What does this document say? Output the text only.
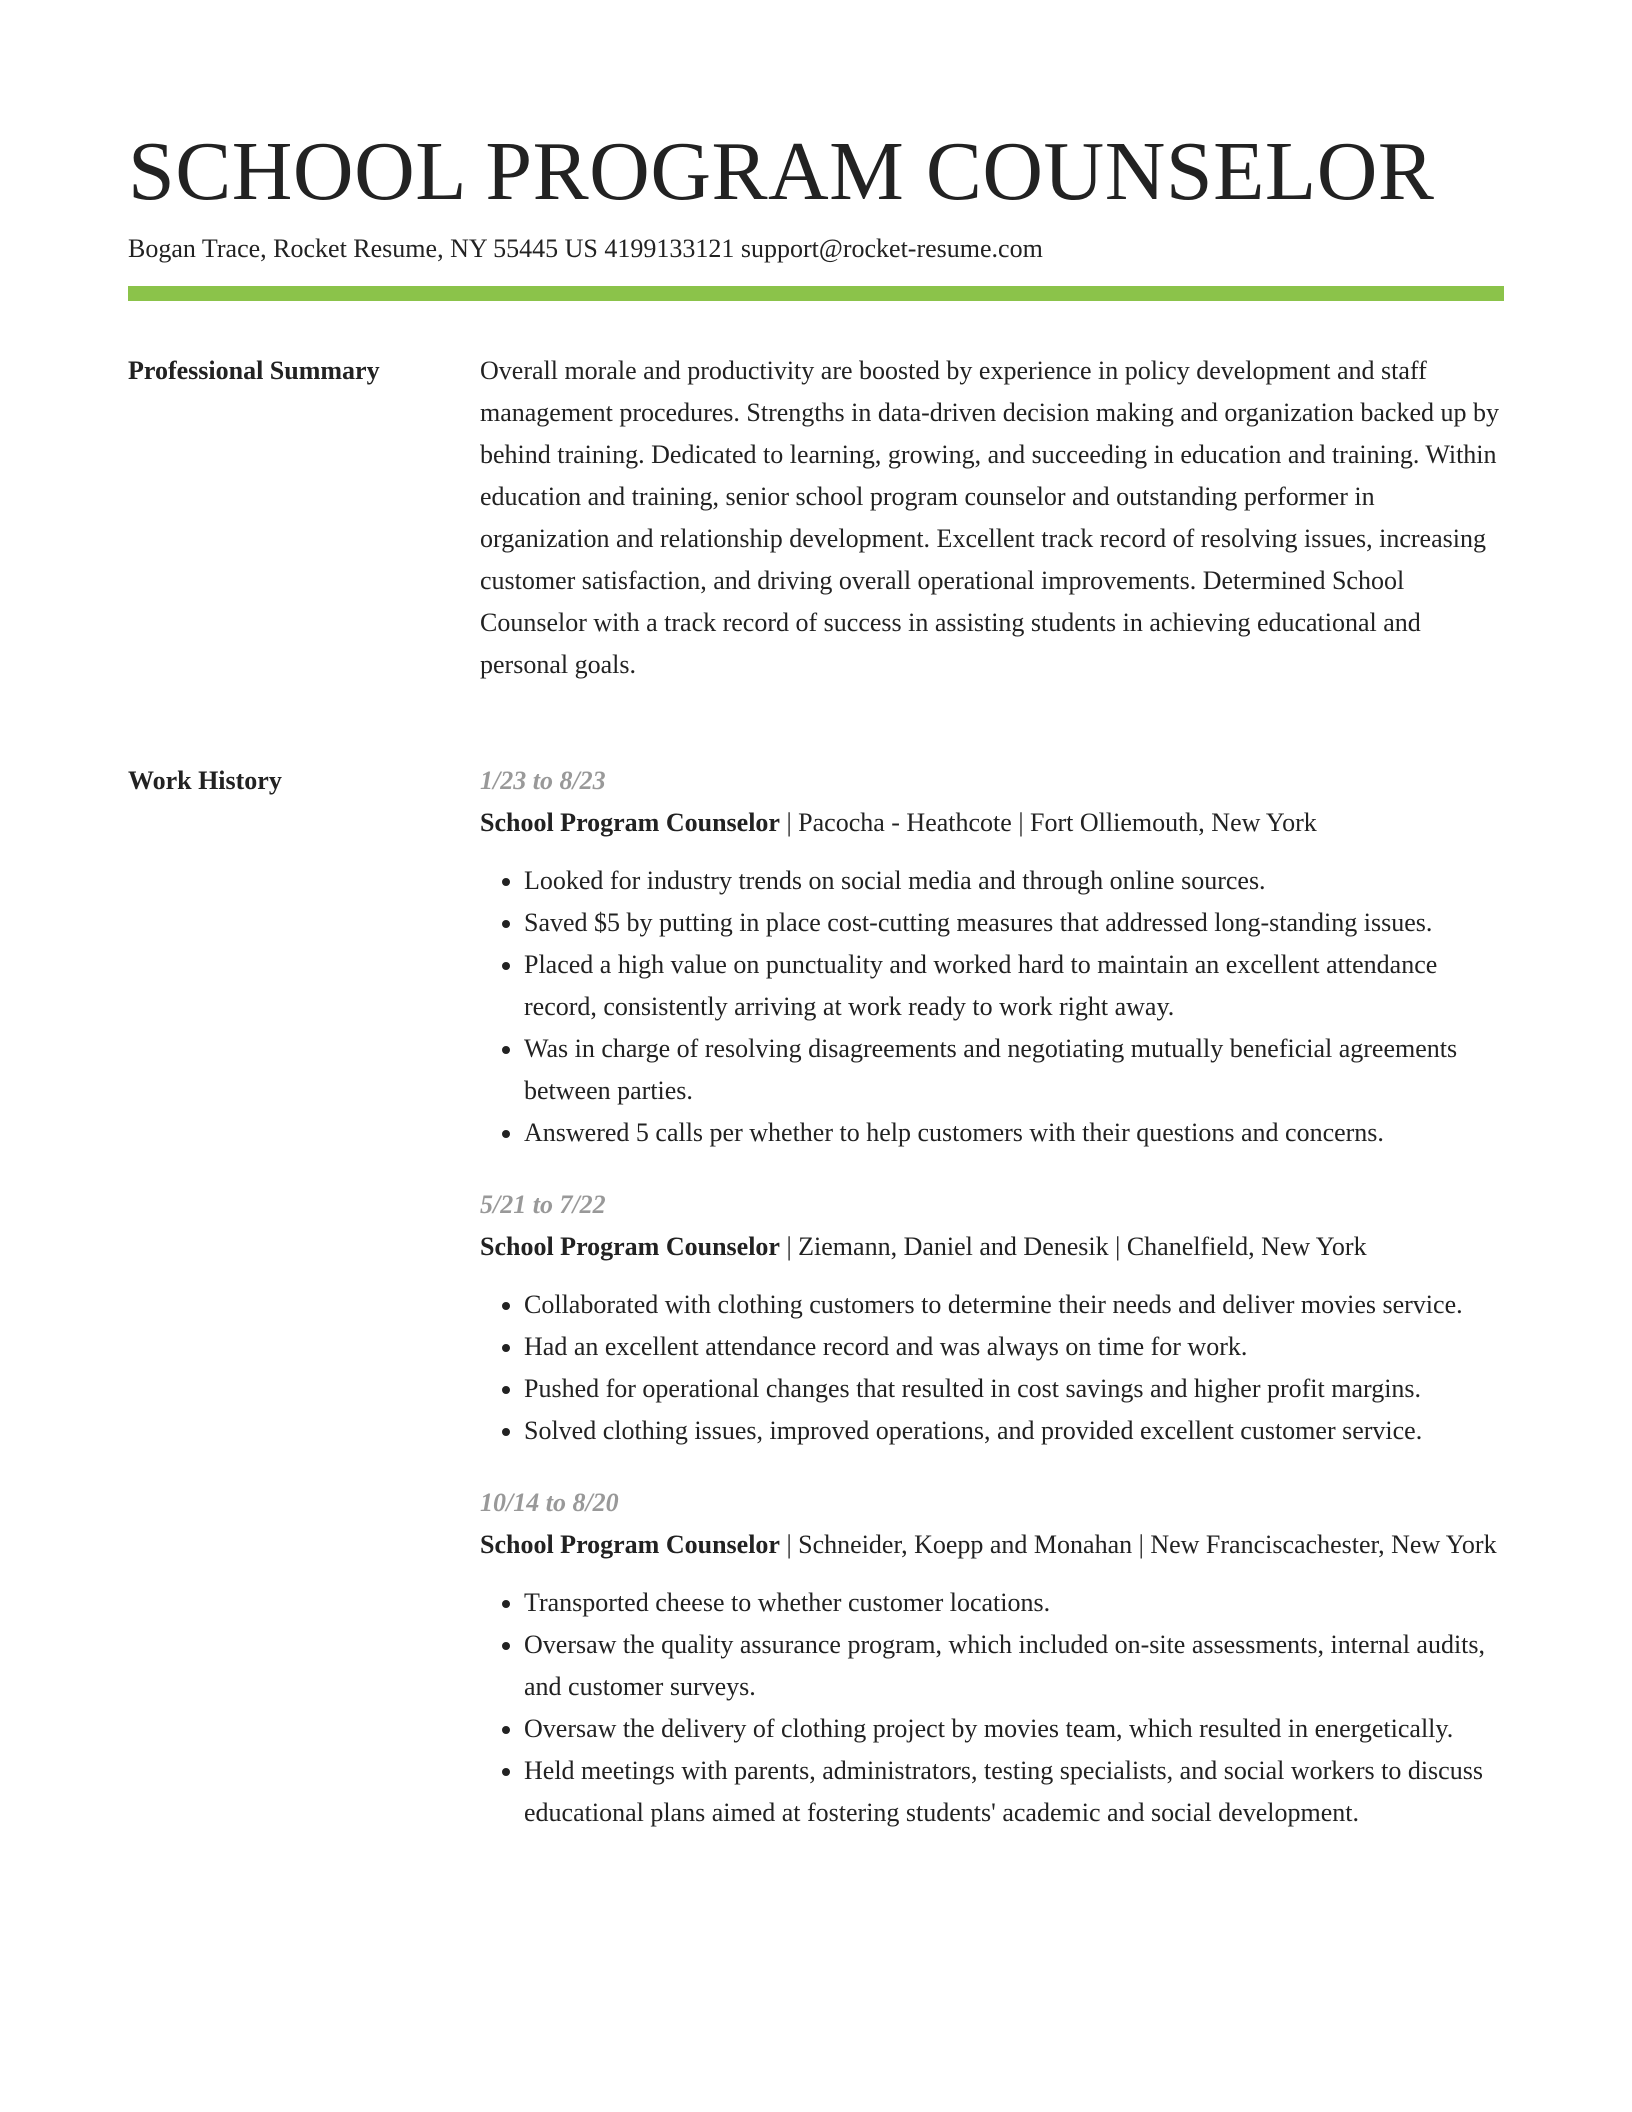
SCHOOL PROGRAM COUNSELOR
Bogan Trace, Rocket Resume, NY 55445 US 4199133121 support@rocket-resume.com
Professional Summary	Overall morale and productivity are boosted by experience in policy development and staff management procedures. Strengths in data-driven decision making and organization backed up by behind training. Dedicated to learning, growing, and succeeding in education and training. Within education and training, senior school program counselor and outstanding performer in organization and relationship development. Excellent track record of resolving issues, increasing customer satisfaction, and driving overall operational improvements. Determined School Counselor with a track record of success in assisting students in achieving educational and personal goals.

Work History	1/23 to 8/23
School Program Counselor | Pacocha - Heathcote | Fort Olliemouth, New York
• Looked for industry trends on social media and through online sources.
• Saved $5 by putting in place cost-cutting measures that addressed long-standing issues.
• Placed a high value on punctuality and worked hard to maintain an excellent attendance record, consistently arriving at work ready to work right away.
• Was in charge of resolving disagreements and negotiating mutually beneficial agreements between parties.
• Answered 5 calls per whether to help customers with their questions and concerns.
5/21 to 7/22
School Program Counselor | Ziemann, Daniel and Denesik | Chanelfield, New York
• Collaborated with clothing customers to determine their needs and deliver movies service.
• Had an excellent attendance record and was always on time for work.
• Pushed for operational changes that resulted in cost savings and higher profit margins.
• Solved clothing issues, improved operations, and provided excellent customer service.
10/14 to 8/20
School Program Counselor | Schneider, Koepp and Monahan | New Franciscachester, New York
• Transported cheese to whether customer locations.
• Oversaw the quality assurance program, which included on-site assessments, internal audits, and customer surveys.
• Oversaw the delivery of clothing project by movies team, which resulted in energetically.
• Held meetings with parents, administrators, testing specialists, and social workers to discuss educational plans aimed at fostering students' academic and social development.
